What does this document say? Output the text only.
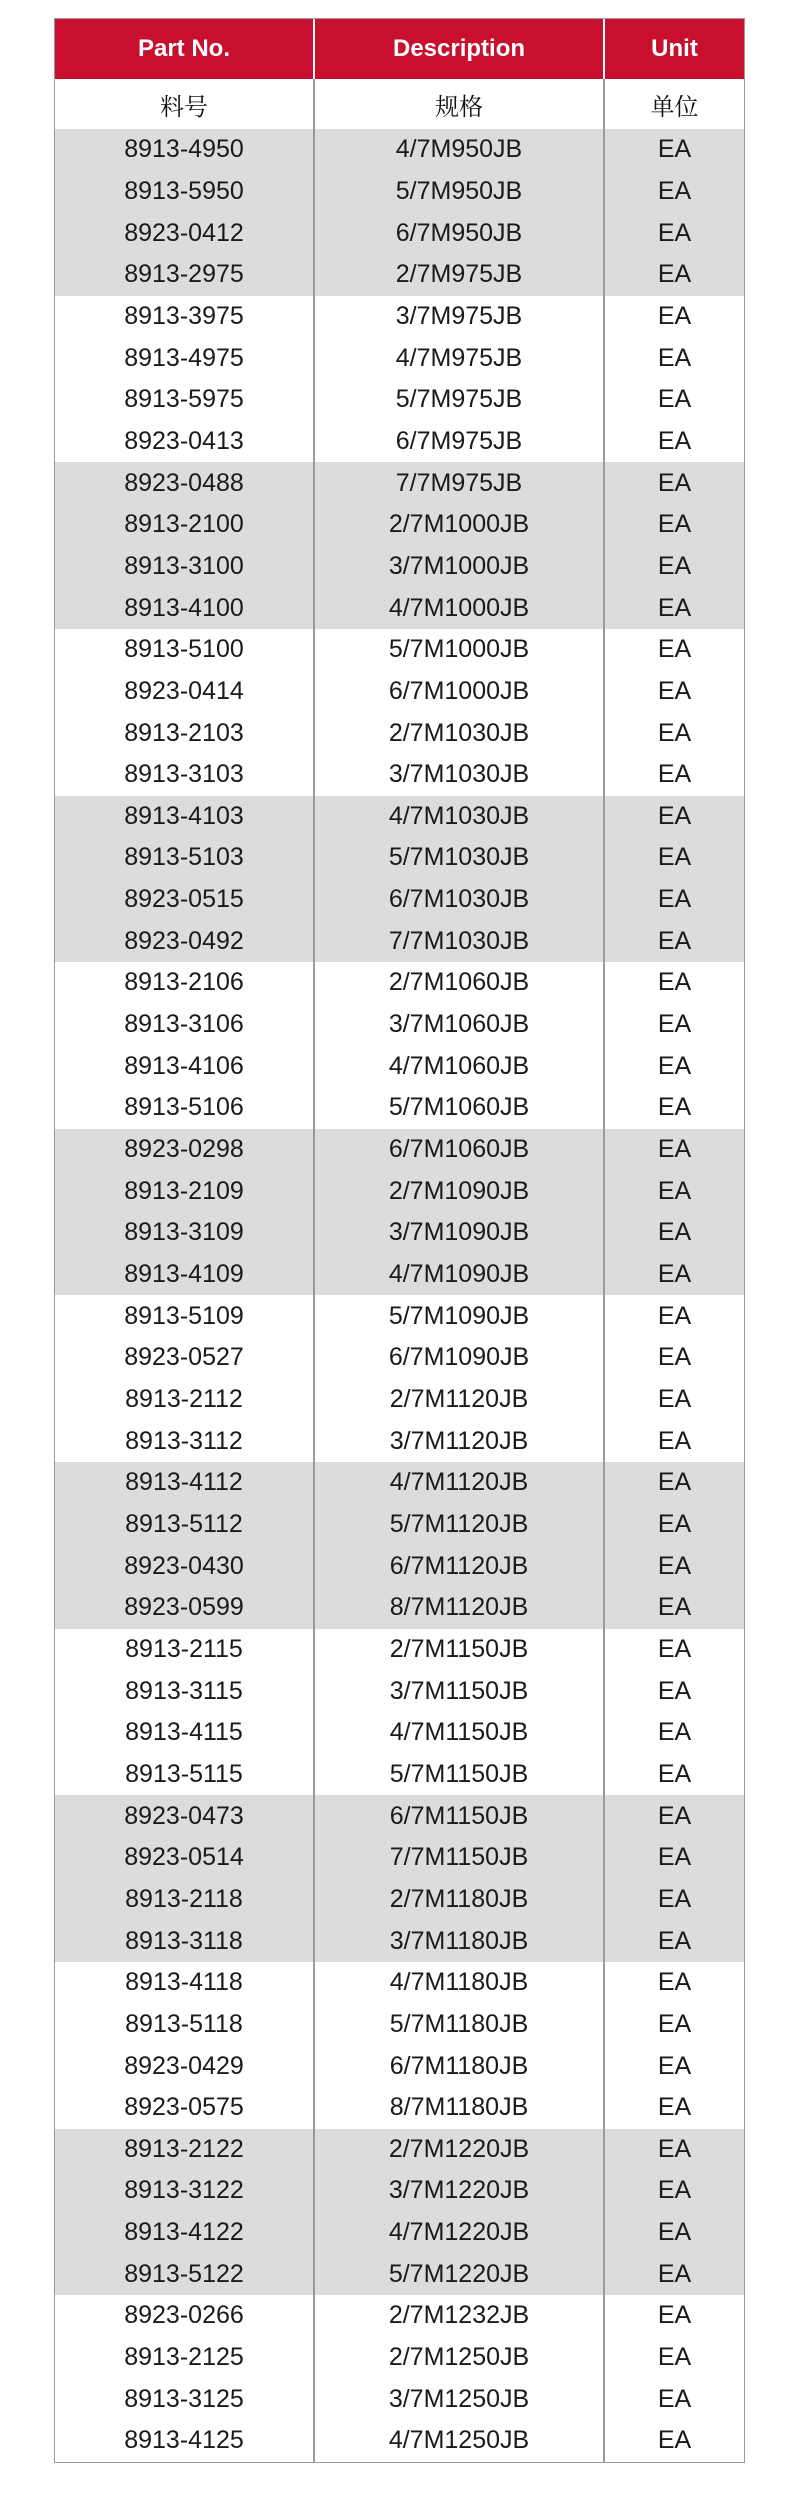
Part No.	Description	Unit
料号	规格	单位
8913-4950	4/7M950JB	EA
8913-5950	5/7M950JB	EA
8923-0412	6/7M950JB	EA
8913-2975	2/7M975JB	EA
8913-3975	3/7M975JB	EA
8913-4975	4/7M975JB	EA
8913-5975	5/7M975JB	EA
8923-0413	6/7M975JB	EA
8923-0488	7/7M975JB	EA
8913-2100	2/7M1000JB	EA
8913-3100	3/7M1000JB	EA
8913-4100	4/7M1000JB	EA
8913-5100	5/7M1000JB	EA
8923-0414	6/7M1000JB	EA
8913-2103	2/7M1030JB	EA
8913-3103	3/7M1030JB	EA
8913-4103	4/7M1030JB	EA
8913-5103	5/7M1030JB	EA
8923-0515	6/7M1030JB	EA
8923-0492	7/7M1030JB	EA
8913-2106	2/7M1060JB	EA
8913-3106	3/7M1060JB	EA
8913-4106	4/7M1060JB	EA
8913-5106	5/7M1060JB	EA
8923-0298	6/7M1060JB	EA
8913-2109	2/7M1090JB	EA
8913-3109	3/7M1090JB	EA
8913-4109	4/7M1090JB	EA
8913-5109	5/7M1090JB	EA
8923-0527	6/7M1090JB	EA
8913-2112	2/7M1120JB	EA
8913-3112	3/7M1120JB	EA
8913-4112	4/7M1120JB	EA
8913-5112	5/7M1120JB	EA
8923-0430	6/7M1120JB	EA
8923-0599	8/7M1120JB	EA
8913-2115	2/7M1150JB	EA
8913-3115	3/7M1150JB	EA
8913-4115	4/7M1150JB	EA
8913-5115	5/7M1150JB	EA
8923-0473	6/7M1150JB	EA
8923-0514	7/7M1150JB	EA
8913-2118	2/7M1180JB	EA
8913-3118	3/7M1180JB	EA
8913-4118	4/7M1180JB	EA
8913-5118	5/7M1180JB	EA
8923-0429	6/7M1180JB	EA
8923-0575	8/7M1180JB	EA
8913-2122	2/7M1220JB	EA
8913-3122	3/7M1220JB	EA
8913-4122	4/7M1220JB	EA
8913-5122	5/7M1220JB	EA
8923-0266	2/7M1232JB	EA
8913-2125	2/7M1250JB	EA
8913-3125	3/7M1250JB	EA
8913-4125	4/7M1250JB	EA
